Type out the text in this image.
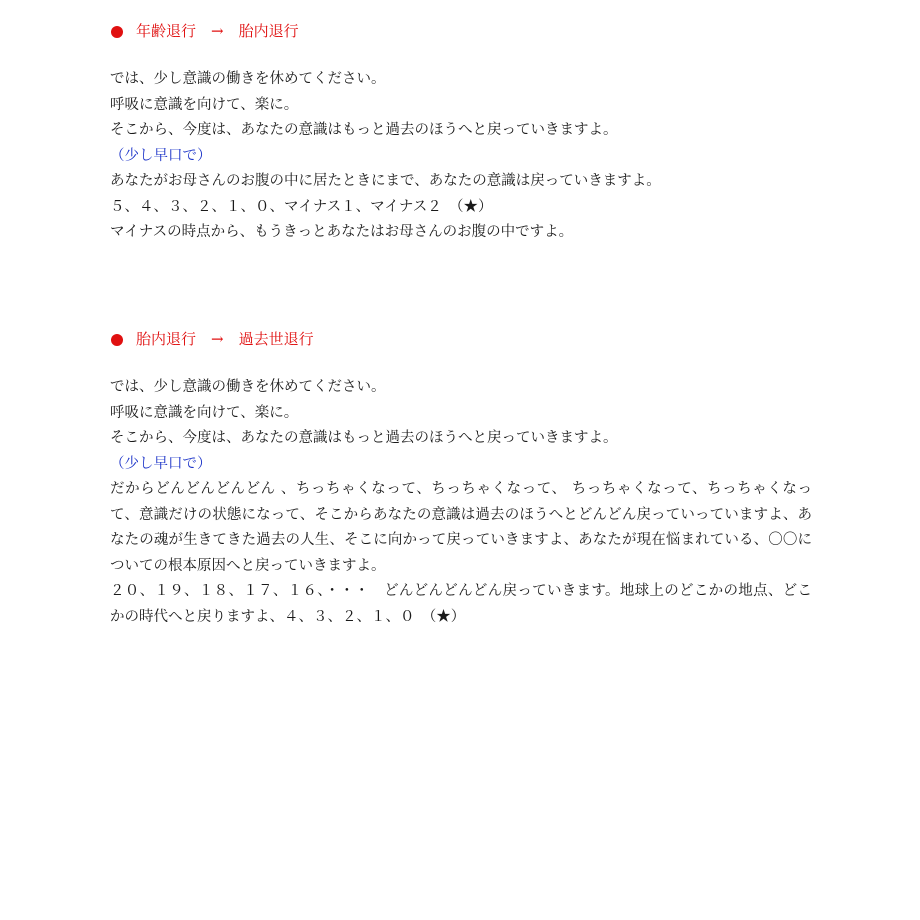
年齢退行 → 胎内退行
では、少し意識の働きを休めてください。
呼吸に意識を向けて、楽に。
そこから、今度は、あなたの意識はもっと過去のほうへと戻っていきますよ。
（少し早口で）
あなたがお母さんのお腹の中に居たときにまで、あなたの意識は戻っていきますよ。
５、４、３、２、１、０、マイナス１、マイナス２　（★）
マイナスの時点から、もうきっとあなたはお母さんのお腹の中ですよ。
胎内退行 → 過去世退行
では、少し意識の働きを休めてください。
呼吸に意識を向けて、楽に。
そこから、今度は、あなたの意識はもっと過去のほうへと戻っていきますよ。
（少し早口で）
だからどんどんどんどん 、ちっちゃくなって、ちっちゃくなって、 ちっちゃくなって、ちっちゃくなって、意識だけの状態になって、そこからあなたの意識は過去のほうへとどんどん戻っていっていますよ、あなたの魂が生きてきた過去の人生、そこに向かって戻っていきますよ、あなたが現在悩まれている、〇〇についての根本原因へと戻っていきますよ。
２０、１９、１８、１７、１６、・・・　どんどんどんどん戻っていきます。地球上のどこかの地点、どこかの時代へと戻りますよ、４、３、２、１、０　（★）
